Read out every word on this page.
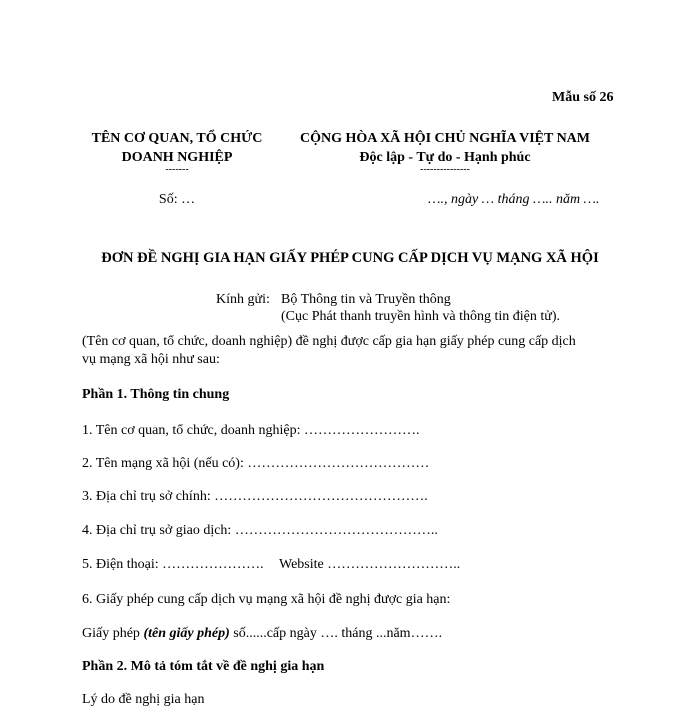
Mẫu số 26
TÊN CƠ QUAN, TỔ CHỨC
DOANH NGHIỆP
-------
Số: …
CỘNG HÒA XÃ HỘI CHỦ NGHĨA VIỆT NAM
Độc lập - Tự do - Hạnh phúc
---------------
…., ngày … tháng ….. năm ….
ĐƠN ĐỀ NGHỊ GIA HẠN GIẤY PHÉP CUNG CẤP DỊCH VỤ MẠNG XÃ HỘI
Kính gửi: Bộ Thông tin và Truyền thông
(Cục Phát thanh truyền hình và thông tin điện tử).
(Tên cơ quan, tổ chức, doanh nghiệp) đề nghị được cấp gia hạn giấy phép cung cấp dịch
vụ mạng xã hội như sau:
Phần 1. Thông tin chung
1. Tên cơ quan, tổ chức, doanh nghiệp: …………………….
2. Tên mạng xã hội (nếu có): …………………………………
3. Địa chỉ trụ sở chính: ……………………………………….
4. Địa chỉ trụ sở giao dịch: ……………………………………..
5. Điện thoại: …………………. Website ………………………..
6. Giấy phép cung cấp dịch vụ mạng xã hội đề nghị được gia hạn:
Giấy phép (tên giấy phép) số......cấp ngày …. tháng ...năm…….
Phần 2. Mô tả tóm tắt về đề nghị gia hạn
Lý do đề nghị gia hạn
